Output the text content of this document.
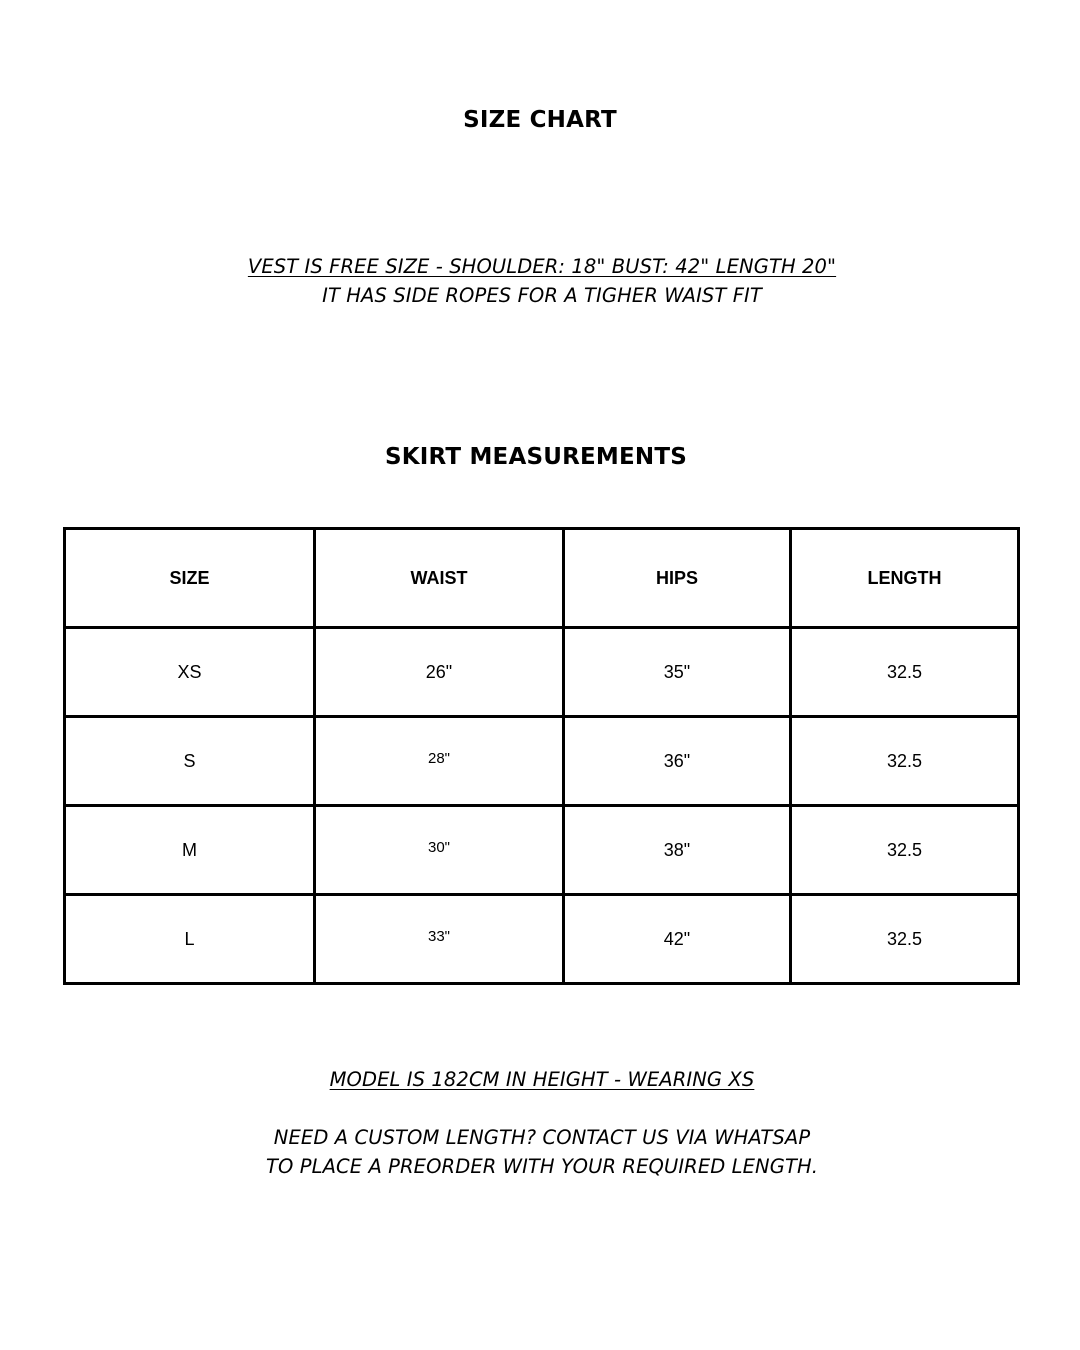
SIZE CHART
VEST IS FREE SIZE - SHOULDER: 18" BUST: 42" LENGTH 20"
IT HAS SIDE ROPES FOR A TIGHER WAIST FIT
SKIRT MEASUREMENTS
SIZE	WAIST	HIPS	LENGTH
XS	26"	35"	32.5
S	28"	36"	32.5
M	30"	38"	32.5
L	33"	42"	32.5
MODEL IS 182CM IN HEIGHT - WEARING XS
NEED A CUSTOM LENGTH? CONTACT US VIA WHATSAP
TO PLACE A PREORDER WITH YOUR REQUIRED LENGTH.
